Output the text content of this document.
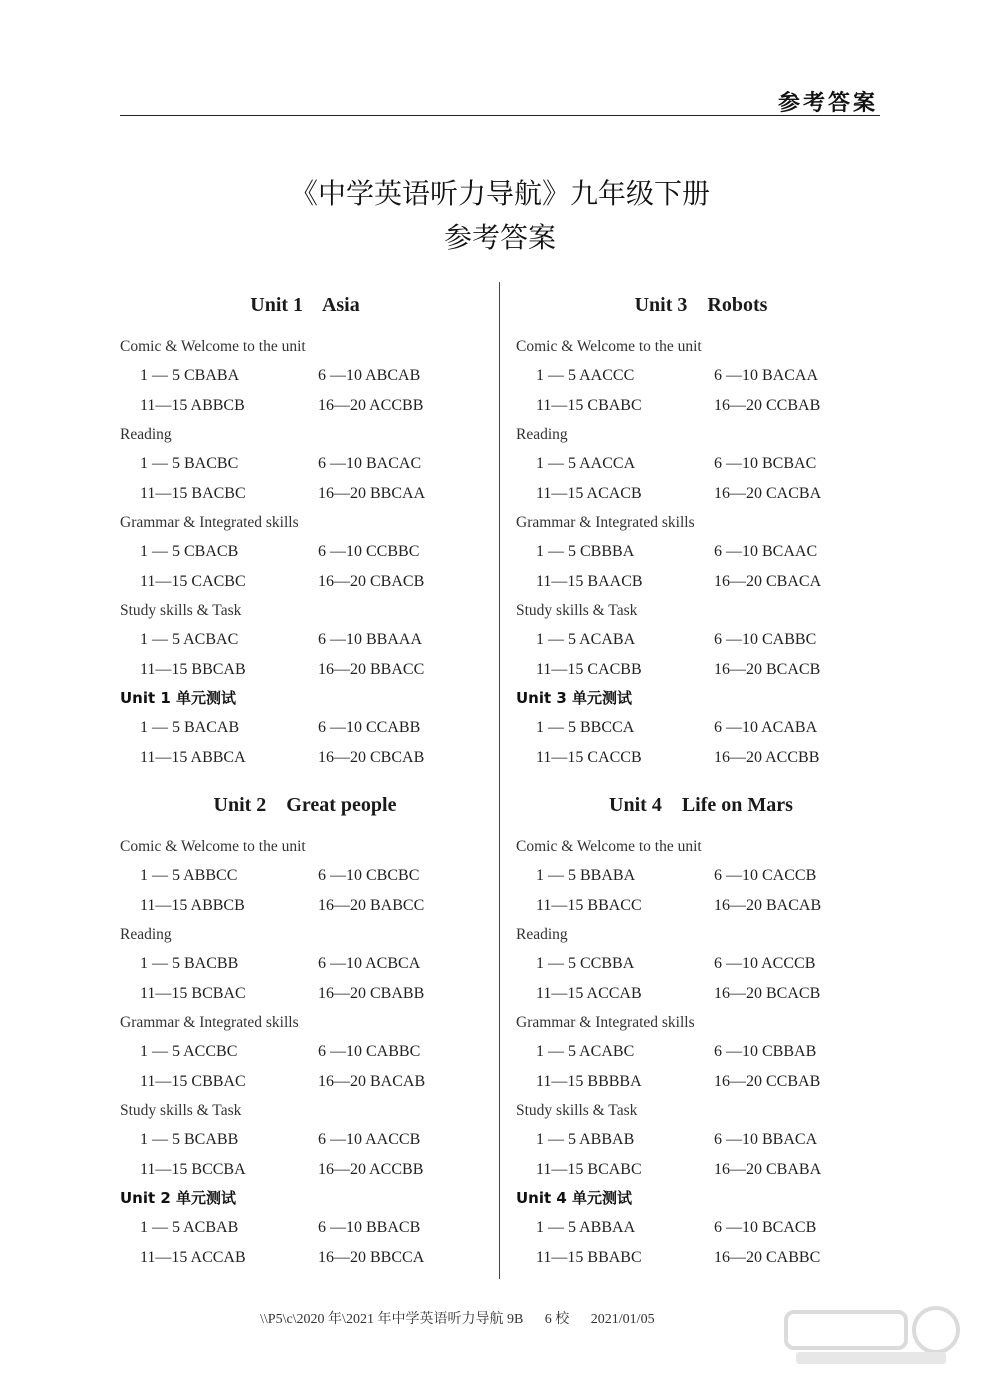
参考答案
《中学英语听力导航》九年级下册
参考答案
Unit 1    Asia
Comic & Welcome to the unit
1 — 5 CBABA	6 —10 ABCAB
11—15 ABBCB	16—20 ACCBB
Reading
1 — 5 BACBC	6 —10 BACAC
11—15 BACBC	16—20 BBCAA
Grammar & Integrated skills
1 — 5 CBACB	6 —10 CCBBC
11—15 CACBC	16—20 CBACB
Study skills & Task
1 — 5 ACBAC	6 —10 BBAAA
11—15 BBCAB	16—20 BBACC
Unit 1 单元测试
1 — 5 BACAB	6 —10 CCABB
11—15 ABBCA	16—20 CBCAB
Unit 2    Great people
Comic & Welcome to the unit
1 — 5 ABBCC	6 —10 CBCBC
11—15 ABBCB	16—20 BABCC
Reading
1 — 5 BACBB	6 —10 ACBCA
11—15 BCBAC	16—20 CBABB
Grammar & Integrated skills
1 — 5 ACCBC	6 —10 CABBC
11—15 CBBAC	16—20 BACAB
Study skills & Task
1 — 5 BCABB	6 —10 AACCB
11—15 BCCBA	16—20 ACCBB
Unit 2 单元测试
1 — 5 ACBAB	6 —10 BBACB
11—15 ACCAB	16—20 BBCCA
Unit 3    Robots
Comic & Welcome to the unit
1 — 5 AACCC	6 —10 BACAA
11—15 CBABC	16—20 CCBAB
Reading
1 — 5 AACCA	6 —10 BCBAC
11—15 ACACB	16—20 CACBA
Grammar & Integrated skills
1 — 5 CBBBA	6 —10 BCAAC
11—15 BAACB	16—20 CBACA
Study skills & Task
1 — 5 ACABA	6 —10 CABBC
11—15 CACBB	16—20 BCACB
Unit 3 单元测试
1 — 5 BBCCA	6 —10 ACABA
11—15 CACCB	16—20 ACCBB
Unit 4    Life on Mars
Comic & Welcome to the unit
1 — 5 BBABA	6 —10 CACCB
11—15 BBACC	16—20 BACAB
Reading
1 — 5 CCBBA	6 —10 ACCCB
11—15 ACCAB	16—20 BCACB
Grammar & Integrated skills
1 — 5 ACABC	6 —10 CBBAB
11—15 BBBBA	16—20 CCBAB
Study skills & Task
1 — 5 ABBAB	6 —10 BBACA
11—15 BCABC	16—20 CBABA
Unit 4 单元测试
1 — 5 ABBAA	6 —10 BCACB
11—15 BBABC	16—20 CABBC
\\P5\c\2020 年\2021 年中学英语听力导航 9B 6 校 2021/01/05
